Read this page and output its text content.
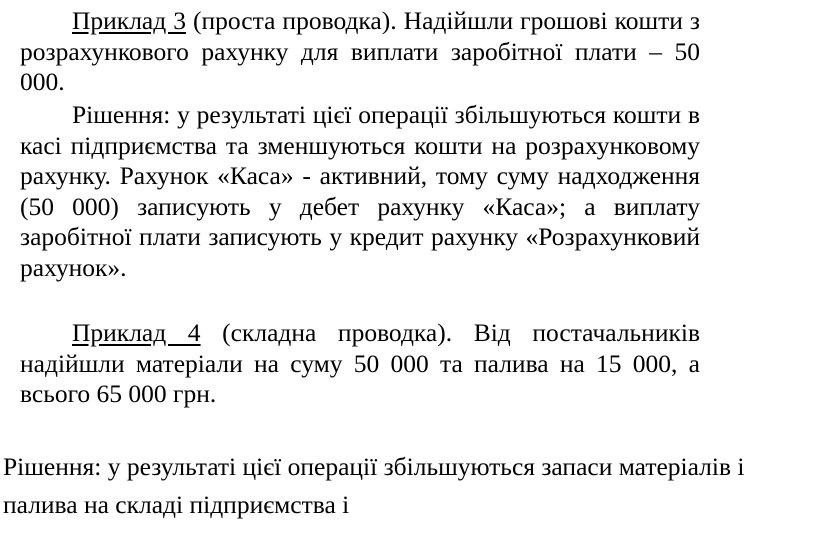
Приклад 3 (проста проводка). Надійшли грошові кошти з розрахункового рахунку для виплати заробітної плати – 50 000.

Рішення: у результаті цієї операції збільшуються кошти в касі підприємства та зменшуються кошти на розрахунковому рахунку. Рахунок «Каса» - активний, тому суму надходження (50 000) записують у дебет рахунку «Каса»; а виплату заробітної плати записують у кредит рахунку «Розрахунковий рахунок».

Приклад 4 (складна проводка). Від постачальників надійшли матеріали на суму 50 000 та палива на 15 000, а всього 65 000 грн.

Рішення: у результаті цієї операції збільшуються запаси матеріалів і
палива на складі підприємства і
